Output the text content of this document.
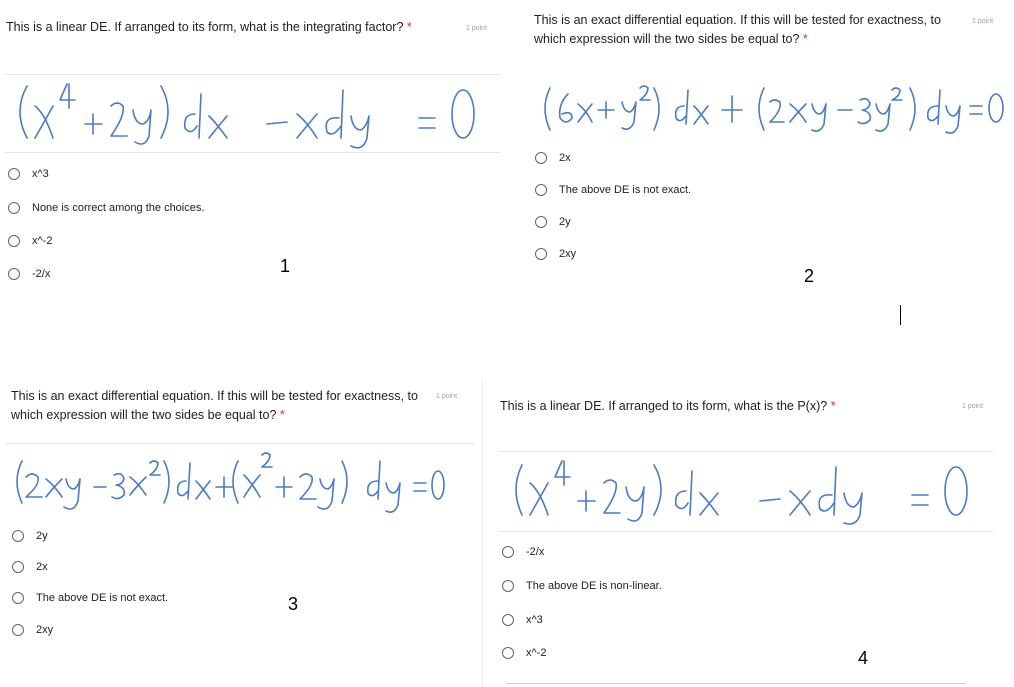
This is a linear DE. If arranged to its form, what is the integrating factor? *	1 point
x^3
None is correct among the choices.
x^-2
-2/x	1
This is an exact differential equation. If this will be tested for exactness, to which expression will the two sides be equal to? *
1 point
2x
The above DE is not exact.
2y
2xy
2
This is an exact differential equation. If this will be tested for exactness, to which expression will the two sides be equal to? *
1 point
2y
2x
The above DE is not exact.
2xy
3
This is a linear DE. If arranged to its form, what is the P(x)? *	1 point
-2/x
The above DE is non-linear.
x^3
x^-2	4
